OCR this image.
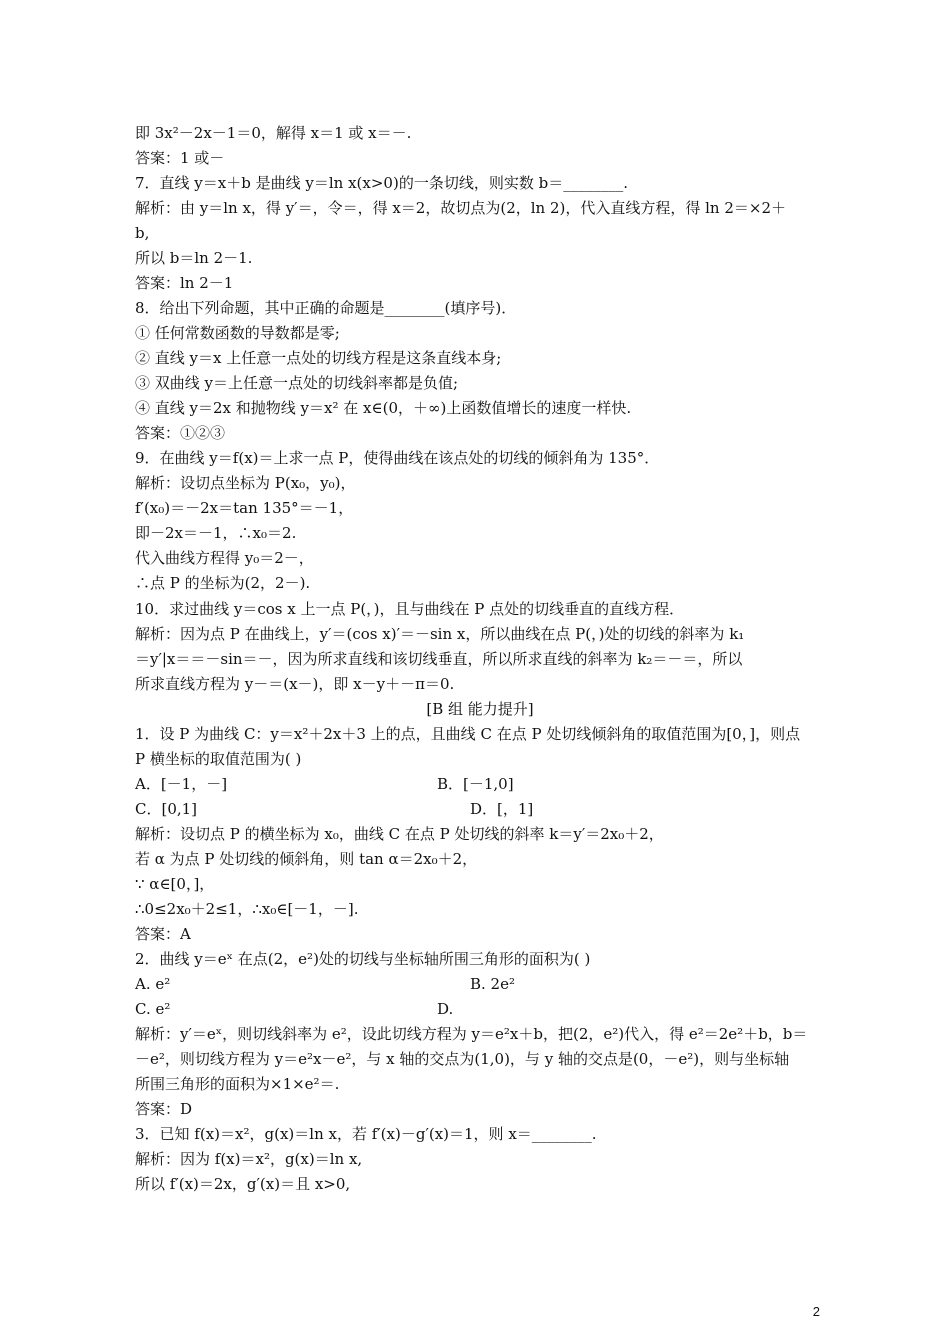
即 3x²－2x－1＝0，解得 x＝1 或 x＝－.
答案：1 或－
7．直线 y＝x＋b 是曲线 y＝ln x(x>0)的一条切线，则实数 b＝________.
解析：由 y＝ln x，得 y′＝，令＝，得 x＝2，故切点为(2，ln 2)，代入直线方程，得 ln 2＝×2＋
b,
所以 b＝ln 2－1.
答案：ln 2－1
8．给出下列命题，其中正确的命题是________(填序号)．
① 任何常数函数的导数都是零;
② 直线 y＝x 上任意一点处的切线方程是这条直线本身;
③ 双曲线 y＝上任意一点处的切线斜率都是负值;
④ 直线 y＝2x 和抛物线 y＝x² 在 x∈(0，＋∞)上函数值增长的速度一样快.
答案：①②③
9．在曲线 y＝f(x)＝上求一点 P，使得曲线在该点处的切线的倾斜角为 135°．
解析：设切点坐标为 P(x₀，y₀)，
f′(x₀)＝－2x＝tan 135°＝－1，
即－2x＝－1，∴x₀＝2.
代入曲线方程得 y₀＝2－，
∴点 P 的坐标为(2，2－).
10．求过曲线 y＝cos x 上一点 P(，)，且与曲线在 P 点处的切线垂直的直线方程．
解析：因为点 P 在曲线上，y′＝(cos x)′＝－sin x，所以曲线在点 P(，)处的切线的斜率为 k₁
＝y′|x＝＝－sin＝－，因为所求直线和该切线垂直，所以所求直线的斜率为 k₂＝－＝，所以
所求直线方程为 y－＝(x－)，即 x－y＋－π＝0.
[B 组 能力提升]
1．设 P 为曲线 C：y＝x²＋2x＋3 上的点，且曲线 C 在点 P 处切线倾斜角的取值范围为[0，]，则点
P 横坐标的取值范围为( )
A．[－1，－]	B．[－1,0]
C．[0,1]	D．[，1]
解析：设切点 P 的横坐标为 x₀，曲线 C 在点 P 处切线的斜率 k＝y′＝2x₀＋2，
若 α 为点 P 处切线的倾斜角，则 tan α＝2x₀＋2，
∵ α∈[0，]，
∴0≤2x₀＋2≤1，∴x₀∈[－1，－].
答案：A
2．曲线 y＝eˣ 在点(2，e²)处的切线与坐标轴所围三角形的面积为( )
A. e²	B. 2e²
C. e²	D.
解析：y′＝eˣ，则切线斜率为 e²，设此切线方程为 y＝e²x＋b，把(2，e²)代入，得 e²＝2e²＋b，b＝
－e²，则切线方程为 y＝e²x－e²，与 x 轴的交点为(1,0)，与 y 轴的交点是(0，－e²)，则与坐标轴
所围三角形的面积为×1×e²＝.
答案：D
3．已知 f(x)＝x²，g(x)＝ln x，若 f′(x)－g′(x)＝1，则 x＝________.
解析：因为 f(x)＝x²，g(x)＝ln x,
所以 f′(x)＝2x，g′(x)＝且 x>0,
2
